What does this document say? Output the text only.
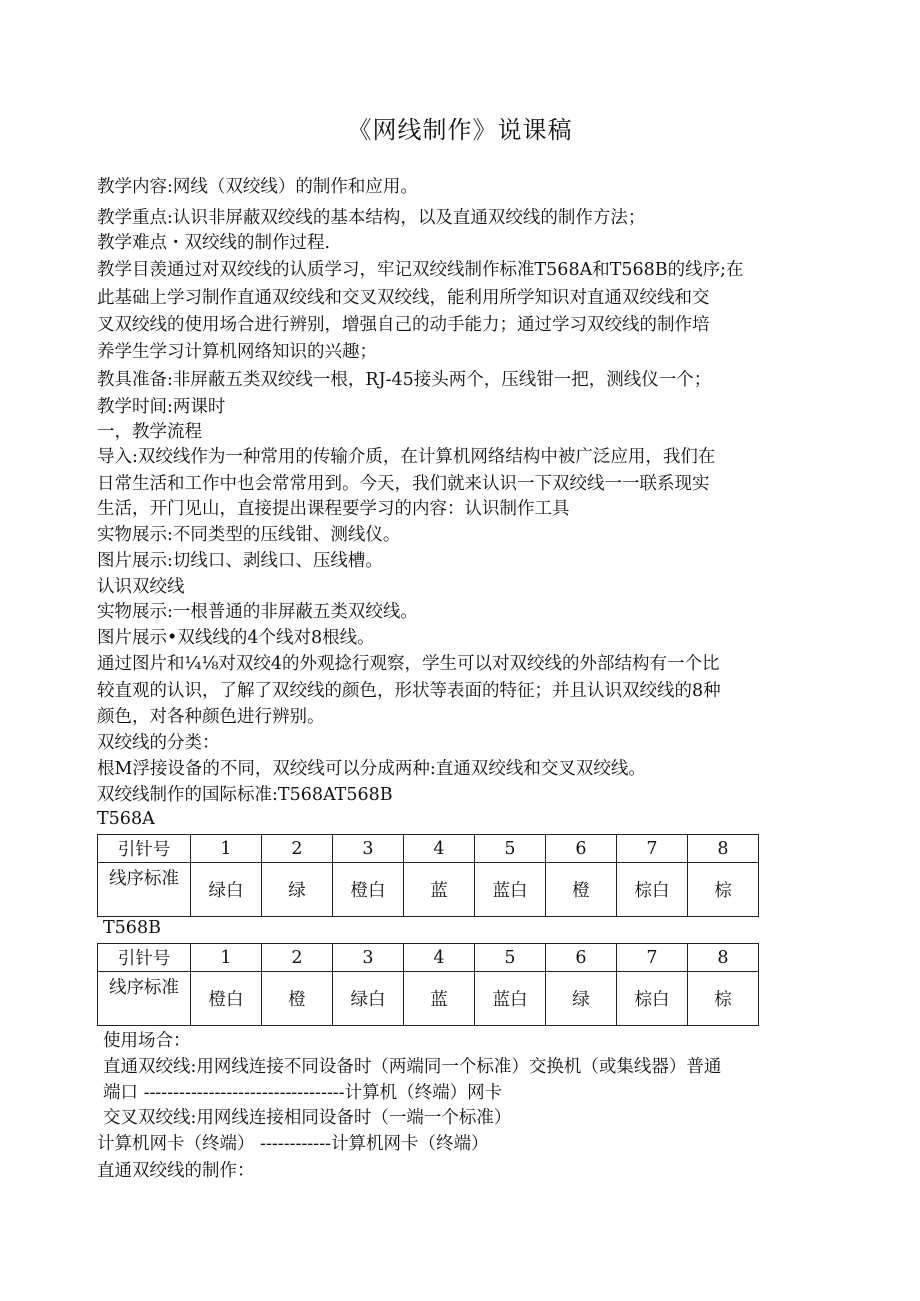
《网线制作》说课稿
教学内容:网线（双绞线）的制作和应用。
教学重点:认识非屏蔽双绞线的基本结构，以及直通双绞线的制作方法；
教学难点・双绞线的制作过程.
教学目羡通过对双绞线的认质学习，牢记双绞线制作标准T568A和T568B的线序;在
此基础上学习制作直通双绞线和交叉双绞线，能利用所学知识对直通双绞线和交
叉双绞线的使用场合进行辨别，增强自己的动手能力；通过学习双绞线的制作培
养学生学习计算机网络知识的兴趣；
教具准备:非屏蔽五类双绞线一根，RJ-45接头两个，压线钳一把，测线仪一个；
教学时间:两课时
一，教学流程
导入:双绞线作为一种常用的传输介质，在计算机网络结构中被广泛应用，我们在
日常生活和工作中也会常常用到。今天，我们就来认识一下双绞线一一联系现实
生活，开门见山，直接提出课程要学习的内容：认识制作工具
实物展示:不同类型的压线钳、测线仪。
图片展示:切线口、剥线口、压线槽。
认识双绞线
实物展示:一根普通的非屏蔽五类双绞线。
图片展示•双线线的4个线对8根线。
通过图片和¼⅛对双绞4的外观捻行观察，学生可以对双绞线的外部结构有一个比
较直观的认识，了解了双绞线的颜色，形状等表面的特征；并且认识双绞线的8种
颜色，对各种颜色进行辨别。
双绞线的分类：
根M浮接设备的不同，双绞线可以分成两种:直通双绞线和交叉双绞线。
双绞线制作的国际标准:T568AT568B
T568A
引针号	1	2	3	4	5	6	7	8
线序标准	绿白	绿	橙白	蓝	蓝白	橙	棕白	棕
T568B
引针号	1	2	3	4	5	6	7	8
线序标准	橙白	橙	绿白	蓝	蓝白	绿	棕白	棕
使用场合：
直通双绞线:用网线连接不同设备时（两端同一个标准）交换机（或集线器）普通
端口 ----------------------------------计算机（终端）网卡
交叉双绞线:用网线连接相同设备时（一端一个标准）
计算机网卡（终端） ------------计算机网卡（终端）
直通双绞线的制作：
